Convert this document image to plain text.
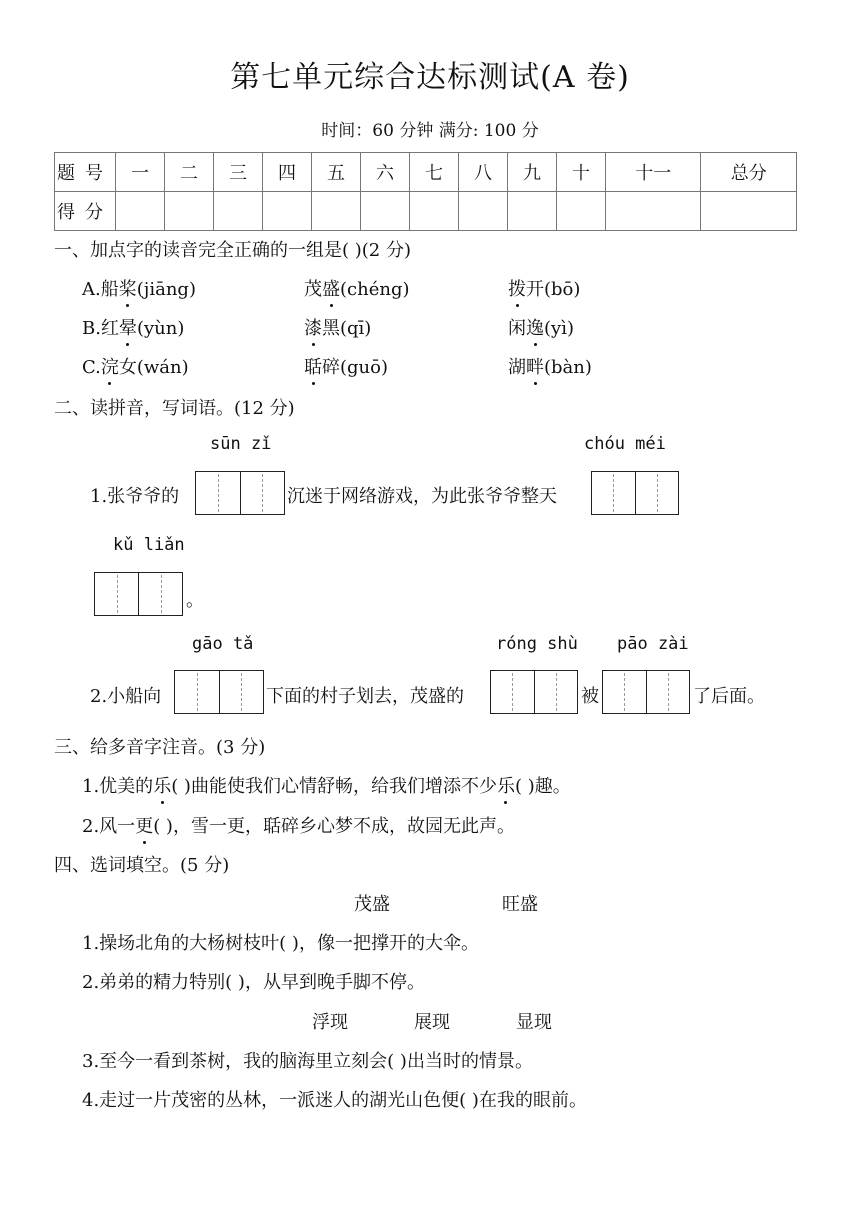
第七单元综合达标测试(A 卷)
时间：60 分钟 满分: 100 分
题号	一	二	三	四	五	六	七	八	九	十	十一	总分
得分												
一、加点字的读音完全正确的一组是( )(2 分)
A.船桨(jiāng)	茂盛(chéng)	拨开(bō)
B.红晕(yùn)	漆黑(qī)	闲逸(yì)
C.浣女(wán)	聒碎(guō)	湖畔(bàn)
二、读拼音，写词语。(12 分)
sūn zǐ	chóu méi
1.张爷爷的	沉迷于网络游戏，为此张爷爷整天
kǔ liǎn
。
gāo tǎ	róng shù pāo zài
2.小船向	下面的村子划去，茂盛的	被	了后面。
三、给多音字注音。(3 分)
1.优美的乐( )曲能使我们心情舒畅，给我们增添不少乐( )趣。
2.风一更( )，雪一更，聒碎乡心梦不成，故园无此声。
四、选词填空。(5 分)
茂盛	旺盛
1.操场北角的大杨树枝叶( )，像一把撑开的大伞。
2.弟弟的精力特别( )，从早到晚手脚不停。
浮现	展现	显现
3.至今一看到茶树，我的脑海里立刻会( )出当时的情景。
4.走过一片茂密的丛林，一派迷人的湖光山色便( )在我的眼前。
